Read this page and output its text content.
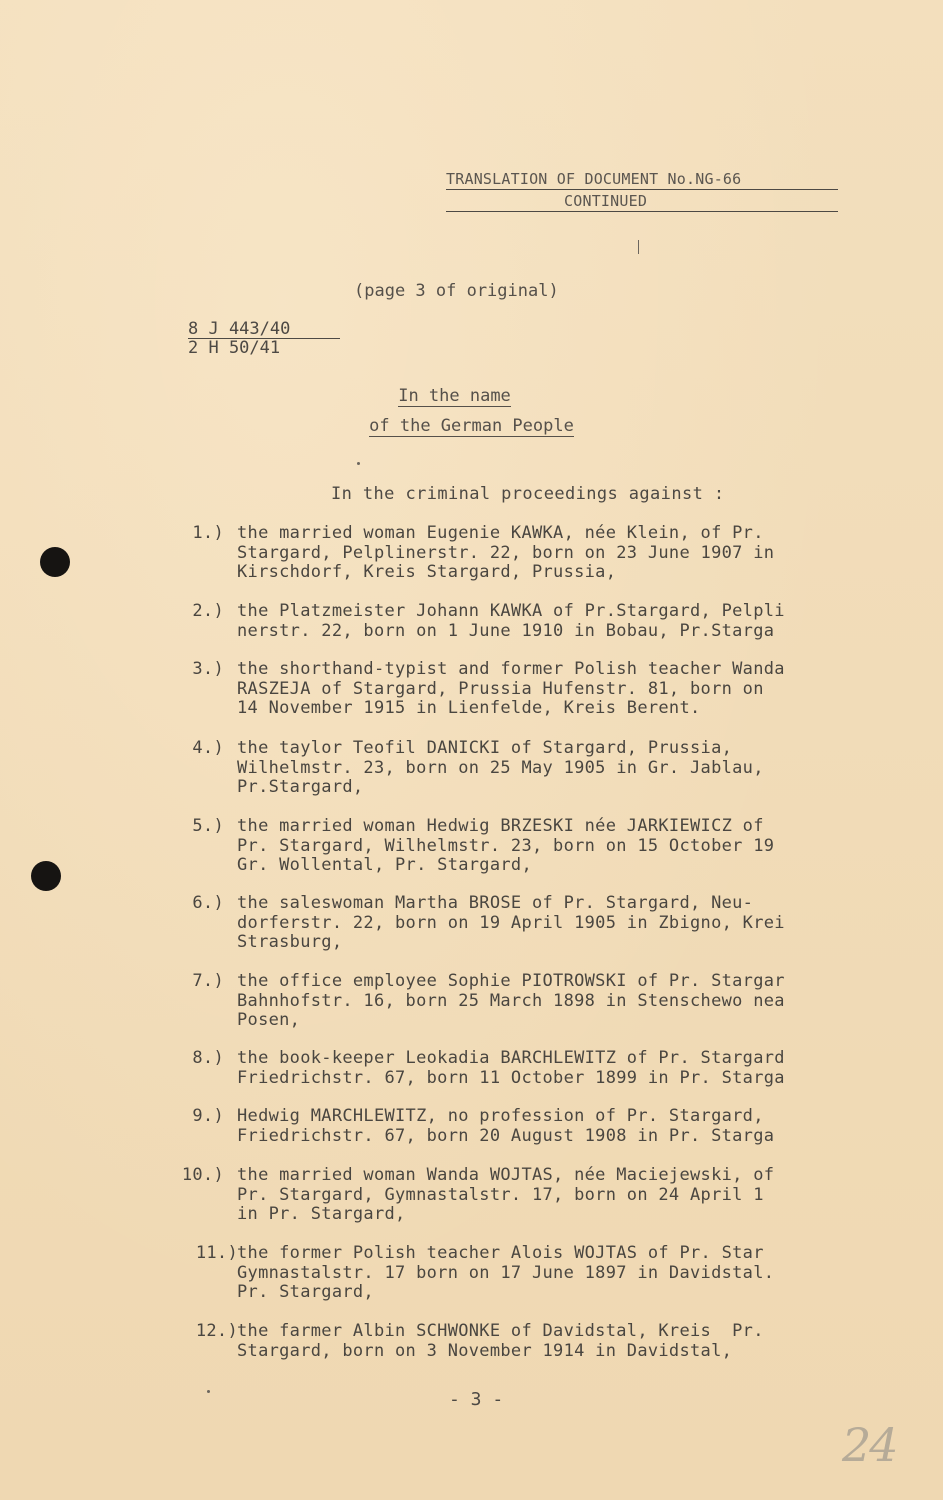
TRANSLATION OF DOCUMENT No.NG-66
CONTINUED
(page 3 of original)
8 J 443/40
2 H 50/41
In the name
of the German People
In the criminal proceedings against :
1.) the married woman Eugenie KAWKA, née Klein, of Pr.
Stargard, Pelplinerstr. 22, born on 23 June 1907 in
Kirschdorf, Kreis Stargard, Prussia,
2.) the Platzmeister Johann KAWKA of Pr.Stargard, Pelpli
nerstr. 22, born on 1 June 1910 in Bobau, Pr.Starga
3.) the shorthand-typist and former Polish teacher Wanda
RASZEJA of Stargard, Prussia Hufenstr. 81, born on
14 November 1915 in Lienfelde, Kreis Berent.
4.) the taylor Teofil DANICKI of Stargard, Prussia,
Wilhelmstr. 23, born on 25 May 1905 in Gr. Jablau,
Pr.Stargard,
5.) the married woman Hedwig BRZESKI née JARKIEWICZ of
Pr. Stargard, Wilhelmstr. 23, born on 15 October 19
Gr. Wollental, Pr. Stargard,
6.) the saleswoman Martha BROSE of Pr. Stargard, Neu-
dorferstr. 22, born on 19 April 1905 in Zbigno, Krei
Strasburg,
7.) the office employee Sophie PIOTROWSKI of Pr. Stargar
Bahnhofstr. 16, born 25 March 1898 in Stenschewo nea
Posen,
8.) the book-keeper Leokadia BARCHLEWITZ of Pr. Stargard
Friedrichstr. 67, born 11 October 1899 in Pr. Starga
9.) Hedwig MARCHLEWITZ, no profession of Pr. Stargard,
Friedrichstr. 67, born 20 August 1908 in Pr. Starga
10.) the married woman Wanda WOJTAS, née Maciejewski, of
Pr. Stargard, Gymnastalstr. 17, born on 24 April 1
in Pr. Stargard,
11.) the former Polish teacher Alois WOJTAS of Pr. Star
Gymnastalstr. 17 born on 17 June 1897 in Davidstal.
Pr. Stargard,
12.) the farmer Albin SCHWONKE of Davidstal, Kreis  Pr.
Stargard, born on 3 November 1914 in Davidstal,
- 3 -
24
